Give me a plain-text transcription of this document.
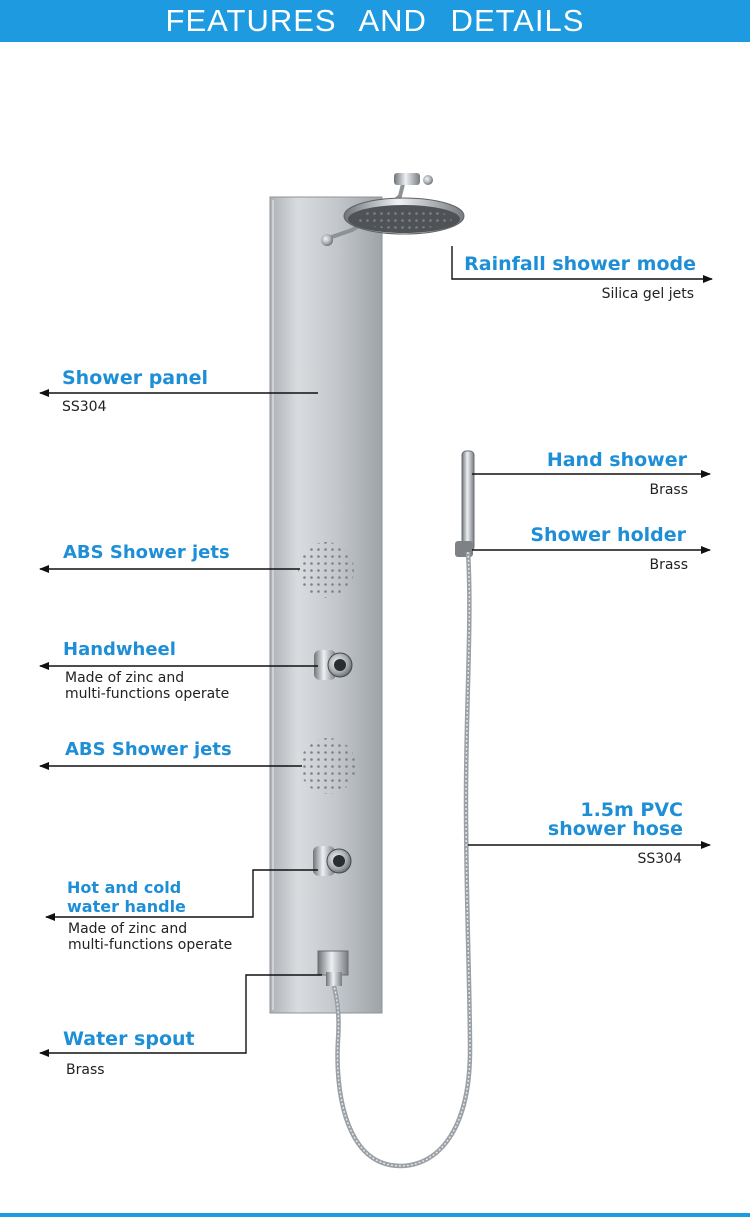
FEATURES AND DETAILS
Rainfall shower mode
Silica gel jets
Hand shower
Brass
Shower holder
Brass
1.5m PVC
shower hose
SS304
Shower panel
SS304
ABS Shower jets
Handwheel
Made of zinc and
multi-functions operate
ABS Shower jets
Hot and cold
water handle
Made of zinc and
multi-functions operate
Water spout
Brass
